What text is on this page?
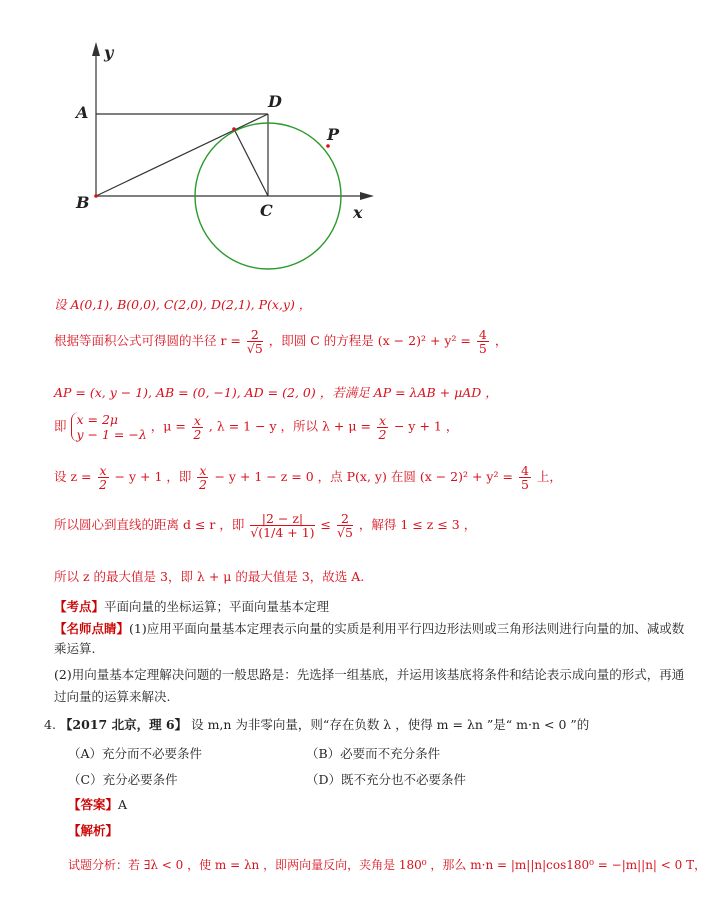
y
A
D
P
B	C	x
设 A(0,1), B(0,0), C(2,0), D(2,1), P(x,y) ，
根据等面积公式可得圆的半径 $r = \frac{2}{√5}$ ，即圆 C 的方程是 $(x - 2)^2 + y^2 = \frac{4}{5}$ ，
AP = (x, y − 1), AB = (0, −1), AD = (2, 0) ，若满足 AP = λAB + μAD ，
即 x = 2μ
y − 1 = −λ ，$\mu = \frac{x}{2}$ , λ = 1 − y ，所以 $\lambda + \mu = \frac{x}{2} - y + 1$ ，
设 $z = \frac{x}{2} - y + 1$ ，即 $\frac{x}{2} - y + 1 - z = 0$ ，点 P(x, y) 在圆 $(x - 2)^2 + y^2 = \frac{4}{5}$ 上，
所以圆心到直线的距离 d ≤ r ，即 $\frac{|2 - z|}{√(1/4 + 1)} \le \frac{2}{√5}$ ，解得 1 ≤ z ≤ 3 ，
所以 z 的最大值是 3，即 λ + μ 的最大值是 3，故选 A.
【考点】平面向量的坐标运算；平面向量基本定理
【名师点睛】(1)应用平面向量基本定理表示向量的实质是利用平行四边形法则或三角形法则进行向量的加、减或数
乘运算.
(2)用向量基本定理解决问题的一般思路是：先选择一组基底，并运用该基底将条件和结论表示成向量的形式，再通
过向量的运算来解决.
4. 【2017 北京，理 6】 设 m,n 为非零向量，则“存在负数 λ ，使得 m = λn ”是“ m·n < 0 ”的
（A）充分而不必要条件	（B）必要而不充分条件
（C）充分必要条件	（D）既不充分也不必要条件
【答案】A
【解析】
试题分析：若 ∃λ < 0 ，使 m = λn ，即两向量反向，夹角是 180⁰ ，那么 m·n = |m||n|cos180⁰ = −|m||n| < 0 T，
